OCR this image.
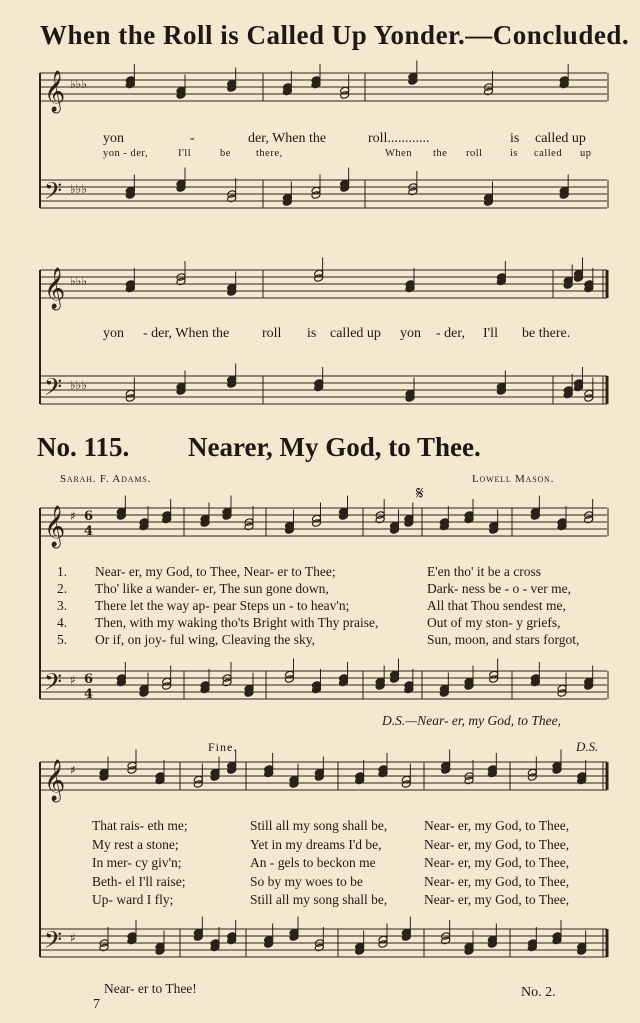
𝄞
𝄢
♭♭♭
♭♭♭
𝄞
𝄢
♭♭♭
♭♭♭
𝄞
𝄢
♯
♯
6
4
6
4
𝄞
𝄢
♯
♯
When the Roll is Called Up Yonder.—Concluded.
yon	-	der, When the	roll............	is called up
yon - der,	I'll	be there,	When the roll	is called up
yon - der, When the roll is called up yon - der, I'll be there.
No. 115. Nearer, My God, to Thee.
Sarah. F. Adams.	Lowell Mason.
𝄋
1. Near- er, my God, to Thee, Near- er to Thee;	E'en tho' it be a cross
2. Tho' like a wander- er, The sun gone down,	Dark- ness be - o - ver me,
3. There let the way ap- pear Steps un - to heav'n;	All that Thou sendest me,
4. Then, with my waking tho'ts Bright with Thy praise,	Out of my ston- y griefs,
5. Or if, on joy- ful wing, Cleaving the sky,	Sun, moon, and stars forgot,
D.S.—Near- er, my God, to Thee,
Fine.	D.S.
That rais- eth me;	Still all my song shall be,	Near- er, my God, to Thee,
My rest a stone;	Yet in my dreams I'd be,	Near- er, my God, to Thee,
In mer- cy giv'n;	An - gels to beckon me	Near- er, my God, to Thee,
Beth- el I'll raise;	So by my woes to be	Near- er, my God, to Thee,
Up- ward I fly;	Still all my song shall be,	Near- er, my God, to Thee,
Near- er to Thee!
7
No. 2.
